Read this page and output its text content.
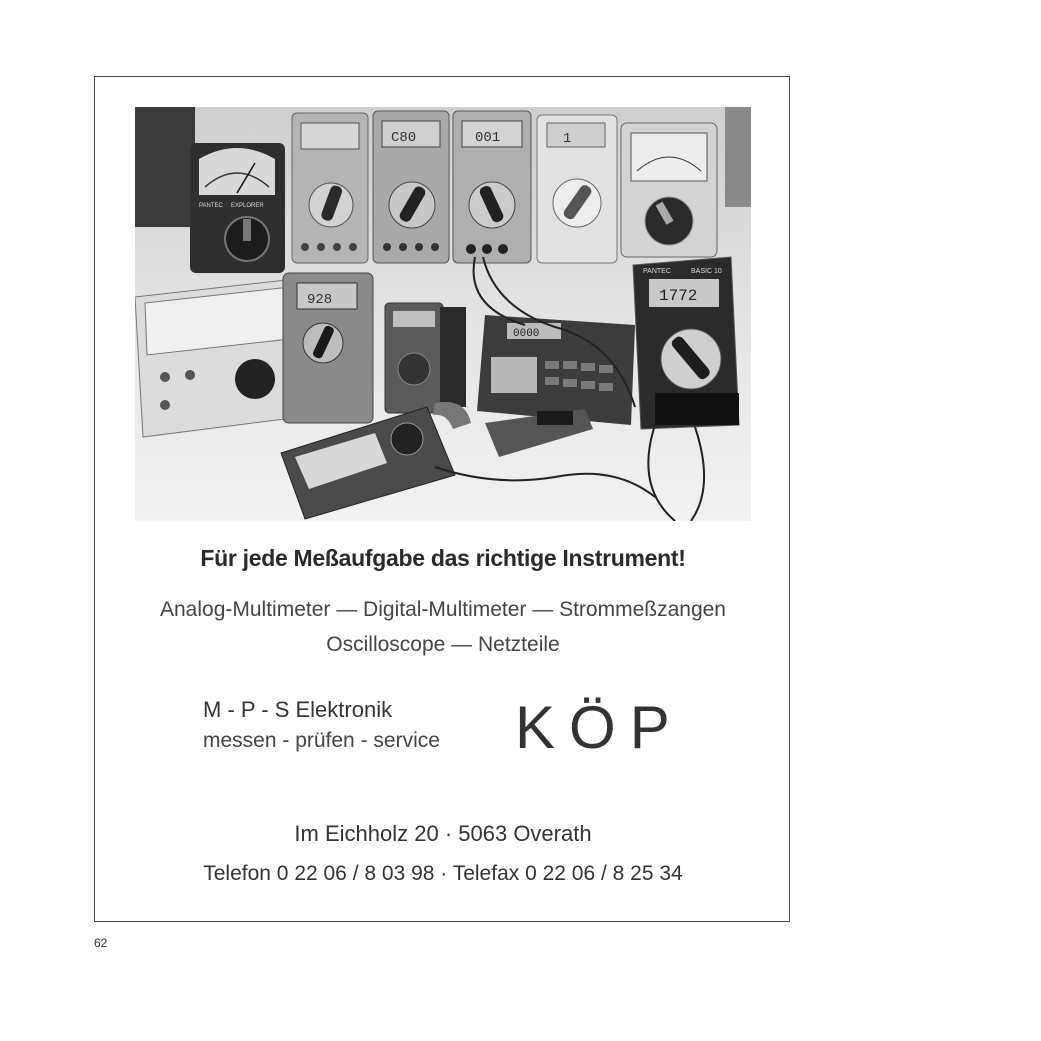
PANTEC EXPLORER
C80	001	1
928
0000
PANTEC	BASIC 10
1772
Für jede Meßaufgabe das richtige Instrument!
Analog-Multimeter — Digital-Multimeter — Strommeßzangen
Oscilloscope — Netzteile
M - P - S Elektronik
messen - prüfen - service KÖP
Im Eichholz 20 · 5063 Overath
Telefon 0 22 06 / 8 03 98 · Telefax 0 22 06 / 8 25 34
62
